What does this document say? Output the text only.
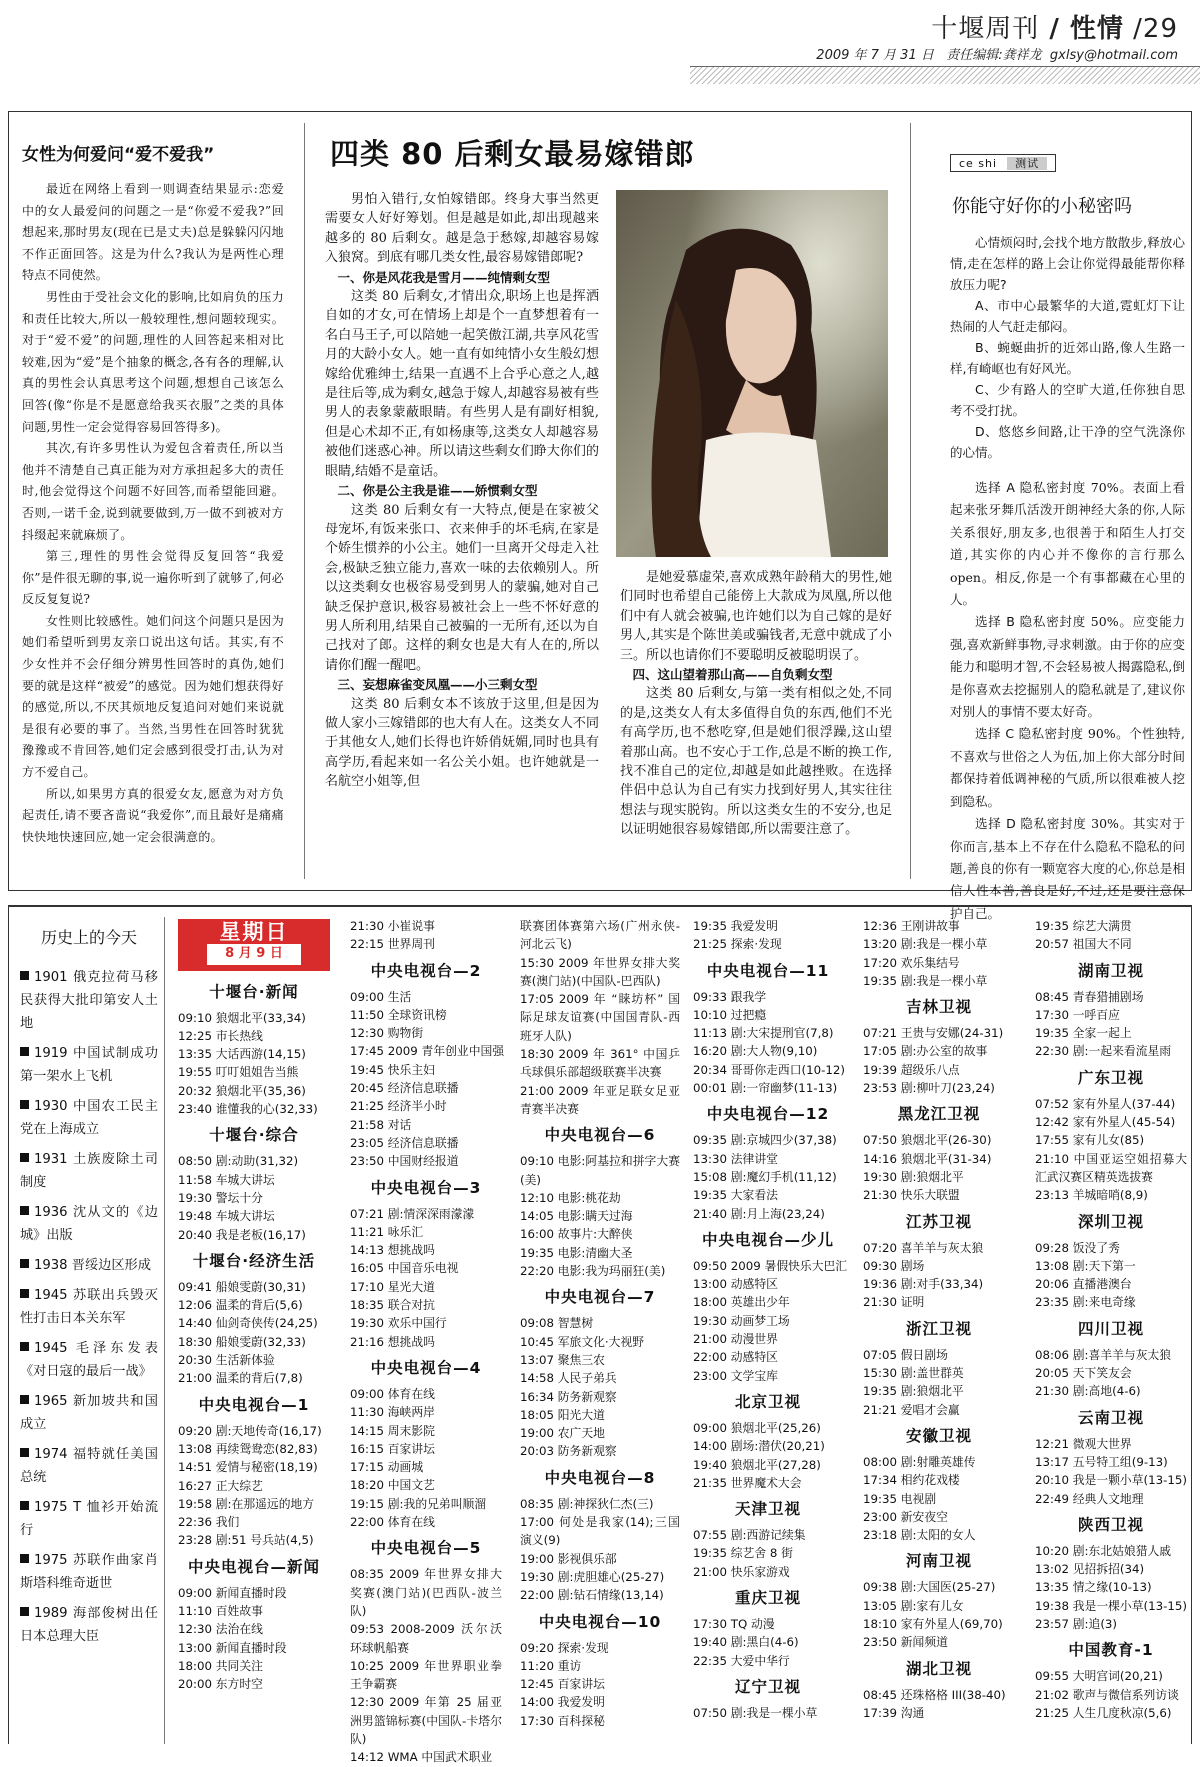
十堰周刊 / 性情 /29
2009 年 7 月 31 日 责任编辑:龚祥龙 gxlsy@hotmail.com
女性为何爱问“爱不爱我”

最近在网络上看到一则调查结果显示:恋爱中的女人最爱问的问题之一是“你爱不爱我?”回想起来,那时男友(现在已是丈夫)总是躲躲闪闪地不作正面回答。这是为什么?我认为是两性心理特点不同使然。

男性由于受社会文化的影响,比如肩负的压力和责任比较大,所以一般较理性,想问题较现实。对于“爱不爱”的问题,理性的人回答起来相对比较难,因为“爱”是个抽象的概念,各有各的理解,认真的男性会认真思考这个问题,想想自己该怎么回答(像“你是不是愿意给我买衣服”之类的具体问题,男性一定会觉得容易回答得多)。

其次,有许多男性认为爱包含着责任,所以当他并不清楚自己真正能为对方承担起多大的责任时,他会觉得这个问题不好回答,而希望能回避。否则,一诺千金,说到就要做到,万一做不到被对方抖缀起来就麻烦了。

第三,理性的男性会觉得反复回答“我爱你”是件很无聊的事,说一遍你听到了就够了,何必反反复复说?

女性则比较感性。她们问这个问题只是因为她们希望听到男友亲口说出这句话。其实,有不少女性并不会仔细分辨男性回答时的真伪,她们要的就是这样“被爱”的感觉。因为她们想获得好的感觉,所以,不厌其烦地反复追问对她们来说就是很有必要的事了。当然,当男性在回答时犹犹豫豫或不肯回答,她们定会感到很受打击,认为对方不爱自己。

所以,如果男方真的很爱女友,愿意为对方负起责任,请不要吝啬说“我爱你”,而且最好是痛痛快快地快速回应,她一定会很满意的。

四类 80 后剩女最易嫁错郎

男怕入错行,女怕嫁错郎。终身大事当然更需要女人好好筹划。但是越是如此,却出现越来越多的 80 后剩女。越是急于愁嫁,却越容易嫁入狼窝。到底有哪几类女性,最容易嫁错郎呢?

一、你是风花我是雪月——纯情剩女型

这类 80 后剩女,才情出众,职场上也是挥洒自如的才女,可在情场上却是个一直梦想着有一名白马王子,可以陪她一起笑傲江湖,共享风花雪月的大龄小女人。她一直有如纯情小女生般幻想嫁给优雅绅士,结果一直遇不上合乎心意之人,越是往后等,成为剩女,越急于嫁人,却越容易被有些男人的表象蒙蔽眼睛。有些男人是有副好相貌,但是心术却不正,有如杨康等,这类女人却越容易被他们迷惑心神。所以请这些剩女们睁大你们的眼睛,结婚不是童话。

二、你是公主我是谁——娇惯剩女型

这类 80 后剩女有一大特点,便是在家被父母宠坏,有饭来张口、衣来伸手的坏毛病,在家是个娇生惯养的小公主。她们一旦离开父母走入社会,极缺乏独立能力,喜欢一味的去依赖别人。所以这类剩女也极容易受到男人的蒙骗,她对自己缺乏保护意识,极容易被社会上一些不怀好意的男人所利用,结果自己被骗的一无所有,还以为自己找对了郎。这样的剩女也是大有人在的,所以请你们醒一醒吧。

三、妄想麻雀变凤凰——小三剩女型

这类 80 后剩女本不该放于这里,但是因为做人家小三嫁错郎的也大有人在。这类女人不同于其他女人,她们长得也许娇俏妩媚,同时也具有高学历,看起来如一名公关小姐。也许她就是一名航空小姐等,但

是她爱慕虚荣,喜欢成熟年龄稍大的男性,她们同时也希望自己能傍上大款成为凤凰,所以他们中有人就会被骗,也许她们以为自己嫁的是好男人,其实是个陈世美或骗钱者,无意中就成了小三。所以也请你们不要聪明反被聪明误了。

四、这山望着那山高——自负剩女型

这类 80 后剩女,与第一类有相似之处,不同的是,这类女人有太多值得自负的东西,他们不光有高学历,也不愁吃穿,但是她们很浮躁,这山望着那山高。也不安心于工作,总是不断的换工作,找不准自己的定位,却越是如此越挫败。在选择伴侣中总认为自己有实力找到好男人,其实往往想法与现实脱钩。所以这类女生的不安分,也足以证明她很容易嫁错郎,所以需要注意了。

ce shi 测试
你能守好你的小秘密吗

心情烦闷时,会找个地方散散步,释放心情,走在怎样的路上会让你觉得最能帮你释放压力呢?

A、市中心最繁华的大道,霓虹灯下让热闹的人气赶走郁闷。

B、蜿蜒曲折的近郊山路,像人生路一样,有崎岖也有好风光。

C、少有路人的空旷大道,任你独自思考不受打扰。

D、悠悠乡间路,让干净的空气洗涤你的心情。

选择 A 隐私密封度 70%。表面上看起来张牙舞爪活泼开朗神经大条的你,人际关系很好,朋友多,也很善于和陌生人打交道,其实你的内心并不像你的言行那么 open。相反,你是一个有事都藏在心里的人。

选择 B 隐私密封度 50%。应变能力强,喜欢新鲜事物,寻求刺激。由于你的应变能力和聪明才智,不会轻易被人揭露隐私,倒是你喜欢去挖掘别人的隐私就是了,建议你对别人的事情不要太好奇。

选择 C 隐私密封度 90%。个性独特,不喜欢与世俗之人为伍,加上你大部分时间都保持着低调神秘的气质,所以很难被人挖到隐私。

选择 D 隐私密封度 30%。其实对于你而言,基本上不存在什么隐私不隐私的问题,善良的你有一颗宽容大度的心,你总是相信人性本善,善良是好,不过,还是要注意保护自己。

历史上的今天
1901 俄克拉荷马移民获得大批印第安人土地
1919 中国试制成功第一架水上飞机
1930 中国农工民主党在上海成立
1931 土族废除土司制度
1936 沈从文的《边城》出版
1938 晋绥边区形成
1945 苏联出兵毁灭性打击日本关东军
1945 毛泽东发表《对日寇的最后一战》
1965 新加坡共和国成立
1974 福特就任美国总统
1975 T 恤衫开始流行
1975 苏联作曲家肖斯塔科维奇逝世
1989 海部俊树出任日本总理大臣
星期日
8 月 9 日
十堰台·新闻
09:10 狼烟北平(33,34)
12:25 市长热线
13:35 大话西游(14,15)
19:55 叮叮姐姐告当熊
20:32 狼烟北平(35,36)
23:40 谁懂我的心(32,33)
十堰台·综合
08:50 剧:动助(31,32)
11:58 车城大讲坛
19:30 警坛十分
19:48 车城大讲坛
20:40 我是老板(16,17)
十堰台·经济生活
09:41 船娘雯蔚(30,31)
12:06 温柔的背后(5,6)
14:40 仙剑奇侠传(24,25)
18:30 船娘雯蔚(32,33)
20:30 生活新体验
21:00 温柔的背后(7,8)
中央电视台—1
09:20 剧:天地传奇(16,17)
13:08 再续鸳鸯恋(82,83)
14:51 爱情与秘密(18,19)
16:27 正大综艺
19:58 剧:在那遥远的地方
22:36 我们
23:28 剧:51 号兵站(4,5)
中央电视台—新闻
09:00 新闻直播时段
11:10 百姓故事
12:30 法治在线
13:00 新闻直播时段
18:00 共同关注
20:00 东方时空
21:30 小崔说事
22:15 世界周刊
中央电视台—2
09:00 生活
11:50 全球资讯榜
12:30 购物街
17:45 2009 青年创业中国强
19:45 快乐主妇
20:45 经济信息联播
21:25 经济半小时
21:58 对话
23:05 经济信息联播
23:50 中国财经报道
中央电视台—3
07:21 剧:情深深雨濛濛
11:21 咏乐汇
14:13 想挑战吗
16:05 中国音乐电视
17:10 星光大道
18:35 联合对抗
19:30 欢乐中国行
21:16 想挑战吗
中央电视台—4
09:00 体育在线
11:30 海峡两岸
14:15 周末影院
16:15 百家讲坛
17:15 动画城
18:20 中国文艺
19:15 剧:我的兄弟叫顺溜
22:00 体育在线
中央电视台—5
08:35 2009 年世界女排大奖赛(澳门站)(巴西队-波兰队)
09:53 2008-2009 沃尔沃环球帆船赛
10:25 2009 年世界职业拳王争霸赛
12:30 2009 年第 25 届亚洲男篮锦标赛(中国队-卡塔尔队)
14:12 WMA 中国武术职业
联赛团体赛第六场(广州永侠-河北云飞)
15:30 2009 年世界女排大奖赛(澳门站)(中国队-巴西队)
17:05 2009 年 “睐坊杯” 国际足球友谊赛(中国国青队-西班牙人队)
18:30 2009 年 361° 中国乒乓球俱乐部超级联赛半决赛
21:00 2009 年亚足联女足亚青赛半决赛
中央电视台—6
09:10 电影:阿基拉和拼字大赛(美)
12:10 电影:桃花劫
14:05 电影:瞒天过海
16:00 故事片:大醉侠
19:35 电影:清幽大圣
22:20 电影:我为玛丽狂(美)
中央电视台—7
09:08 智慧树
10:45 军旅文化·大视野
13:07 聚焦三农
14:58 人民子弟兵
16:34 防务新观察
18:05 阳光大道
19:00 农广天地
20:03 防务新观察
中央电视台—8
08:35 剧:神探狄仁杰(三)
17:00 何处是我家(14);三国演义(9)
19:00 影视俱乐部
19:30 剧:虎胆雄心(25-27)
22:00 剧:钻石情缘(13,14)
中央电视台—10
09:20 探索·发现
11:20 重访
12:45 百家讲坛
14:00 我爱发明
17:30 百科探秘
19:35 我爱发明
21:25 探索·发现
中央电视台—11
09:33 跟我学
10:10 过把瘾
11:13 剧:大宋提刑官(7,8)
16:20 剧:大人物(9,10)
20:34 哥哥你走西口(10-12)
00:01 剧:一帘幽梦(11-13)
中央电视台—12
09:35 剧:京城四少(37,38)
13:30 法律讲堂
15:08 剧:魔幻手机(11,12)
19:35 大家看法
21:40 剧:月上海(23,24)
中央电视台—少儿
09:50 2009 暑假快乐大巴汇
13:00 动感特区
18:00 英雄出少年
19:30 动画梦工场
21:00 动漫世界
22:00 动感特区
23:00 文学宝库
北京卫视
09:00 狼烟北平(25,26)
14:00 剧场:潜伏(20,21)
19:40 狼烟北平(27,28)
21:35 世界魔术大会
天津卫视
07:55 剧:西游记续集
19:35 综艺舍 8 街
21:00 快乐家游戏
重庆卫视
17:30 TQ 动漫
19:40 剧:黑白(4-6)
22:35 大爱中华行
辽宁卫视
07:50 剧:我是一棵小草
12:36 王刚讲故事
13:20 剧:我是一棵小草
17:20 欢乐集结号
19:35 剧:我是一棵小草
吉林卫视
07:21 王贵与安娜(24-31)
17:05 剧:办公室的故事
19:39 超级乐八点
23:53 剧:柳叶刀(23,24)
黑龙江卫视
07:50 狼烟北平(26-30)
14:16 狼烟北平(31-34)
19:30 剧:狼烟北平
21:30 快乐大联盟
江苏卫视
07:20 喜羊羊与灰太狼
09:30 剧场
19:36 剧:对手(33,34)
21:30 证明
浙江卫视
07:05 假日剧场
15:30 剧:盖世群英
19:35 剧:狼烟北平
21:21 爱唱才会赢
安徽卫视
08:00 剧:射雕英雄传
17:34 相约花戏楼
19:35 电视剧
23:00 新安夜空
23:18 剧:太阳的女人
河南卫视
09:38 剧:大国医(25-27)
13:05 剧:家有儿女
18:10 家有外星人(69,70)
23:50 新闻频道
湖北卫视
08:45 还珠格格 III(38-40)
17:39 沟通
19:35 综艺大满贯
20:57 祖国大不同
湖南卫视
08:45 青春猎捕剧场
17:30 一呼百应
19:35 全家一起上
22:30 剧:一起来看流星雨
广东卫视
07:52 家有外星人(37-44)
12:42 家有外星人(45-54)
17:55 家有儿女(85)
21:10 中国亚运空姐招募大汇武汉赛区精英选拔赛
23:13 羊城暗哨(8,9)
深圳卫视
09:28 饭没了秀
13:08 剧:天下第一
20:06 直播港澳台
23:35 剧:来电奇缘
四川卫视
08:06 剧:喜羊羊与灰太狼
20:05 天下笑友会
21:30 剧:高地(4-6)
云南卫视
12:21 微观大世界
13:17 五号特工组(9-13)
20:10 我是一颗小草(13-15)
22:49 经典人文地理
陕西卫视
10:20 剧:东北姑娘猎人戚
13:02 见招拆招(34)
13:35 情之缘(10-13)
19:38 我是一棵小草(13-15)
23:57 剧:追(3)
中国教育-1
09:55 大明宫词(20,21)
21:02 歌声与微信系列访谈
21:25 人生几度秋凉(5,6)
